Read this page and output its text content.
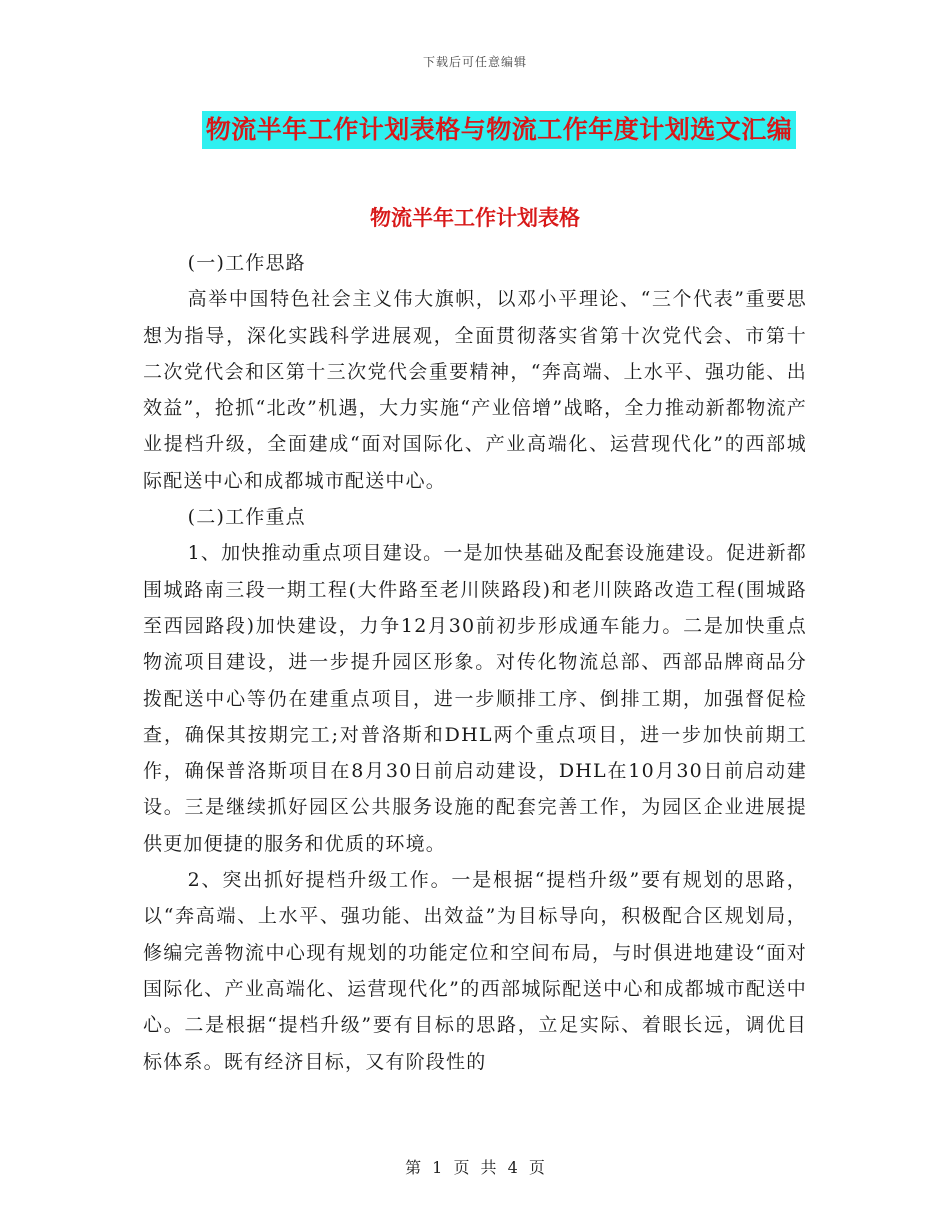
下载后可任意编辑
物流半年工作计划表格与物流工作年度计划选文汇编
物流半年工作计划表格

(一)工作思路

高举中国特色社会主义伟大旗帜，以邓小平理论、“三个代表”重要思想为指导，深化实践科学进展观，全面贯彻落实省第十次党代会、市第十二次党代会和区第十三次党代会重要精神，“奔高端、上水平、强功能、出效益”，抢抓“北改”机遇，大力实施“产业倍增”战略，全力推动新都物流产业提档升级，全面建成“面对国际化、产业高端化、运营现代化”的西部城际配送中心和成都城市配送中心。

(二)工作重点

1、加快推动重点项目建设。一是加快基础及配套设施建设。促进新都围城路南三段一期工程(大件路至老川陕路段)和老川陕路改造工程(围城路至西园路段)加快建设，力争12月30前初步形成通车能力。二是加快重点物流项目建设，进一步提升园区形象。对传化物流总部、西部品牌商品分拨配送中心等仍在建重点项目，进一步顺排工序、倒排工期，加强督促检查，确保其按期完工;对普洛斯和DHL两个重点项目，进一步加快前期工作，确保普洛斯项目在8月30日前启动建设，DHL在10月30日前启动建设。三是继续抓好园区公共服务设施的配套完善工作，为园区企业进展提供更加便捷的服务和优质的环境。

2、突出抓好提档升级工作。一是根据“提档升级”要有规划的思路，以“奔高端、上水平、强功能、出效益”为目标导向，积极配合区规划局，修编完善物流中心现有规划的功能定位和空间布局，与时俱进地建设“面对国际化、产业高端化、运营现代化”的西部城际配送中心和成都城市配送中心。二是根据“提档升级”要有目标的思路，立足实际、着眼长远，调优目标体系。既有经济目标，又有阶段性的

第 1 页 共 4 页
